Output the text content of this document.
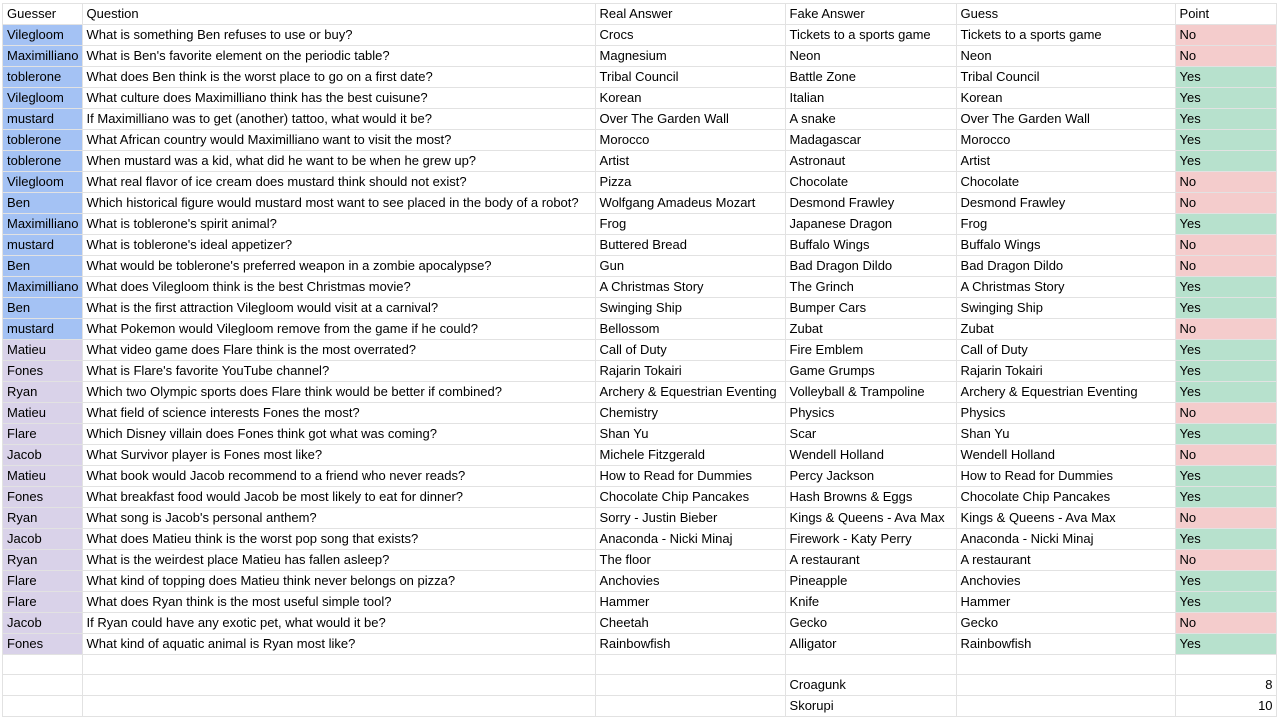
Guesser	Question	Real Answer	Fake Answer	Guess	Point
Vilegloom	What is something Ben refuses to use or buy?	Crocs	Tickets to a sports game	Tickets to a sports game	No
Maximilliano	What is Ben's favorite element on the periodic table?	Magnesium	Neon	Neon	No
toblerone	What does Ben think is the worst place to go on a first date?	Tribal Council	Battle Zone	Tribal Council	Yes
Vilegloom	What culture does Maximilliano think has the best cuisune?	Korean	Italian	Korean	Yes
mustard	If Maximilliano was to get (another) tattoo, what would it be?	Over The Garden Wall	A snake	Over The Garden Wall	Yes
toblerone	What African country would Maximilliano want to visit the most?	Morocco	Madagascar	Morocco	Yes
toblerone	When mustard was a kid, what did he want to be when he grew up?	Artist	Astronaut	Artist	Yes
Vilegloom	What real flavor of ice cream does mustard think should not exist?	Pizza	Chocolate	Chocolate	No
Ben	Which historical figure would mustard most want to see placed in the body of a robot?	Wolfgang Amadeus Mozart	Desmond Frawley	Desmond Frawley	No
Maximilliano	What is toblerone's spirit animal?	Frog	Japanese Dragon	Frog	Yes
mustard	What is toblerone's ideal appetizer?	Buttered Bread	Buffalo Wings	Buffalo Wings	No
Ben	What would be toblerone's preferred weapon in a zombie apocalypse?	Gun	Bad Dragon Dildo	Bad Dragon Dildo	No
Maximilliano	What does Vilegloom think is the best Christmas movie?	A Christmas Story	The Grinch	A Christmas Story	Yes
Ben	What is the first attraction Vilegloom would visit at a carnival?	Swinging Ship	Bumper Cars	Swinging Ship	Yes
mustard	What Pokemon would Vilegloom remove from the game if he could?	Bellossom	Zubat	Zubat	No
Matieu	What video game does Flare think is the most overrated?	Call of Duty	Fire Emblem	Call of Duty	Yes
Fones	What is Flare's favorite YouTube channel?	Rajarin Tokairi	Game Grumps	Rajarin Tokairi	Yes
Ryan	Which two Olympic sports does Flare think would be better if combined?	Archery & Equestrian Eventing	Volleyball & Trampoline	Archery & Equestrian Eventing	Yes
Matieu	What field of science interests Fones the most?	Chemistry	Physics	Physics	No
Flare	Which Disney villain does Fones think got what was coming?	Shan Yu	Scar	Shan Yu	Yes
Jacob	What Survivor player is Fones most like?	Michele Fitzgerald	Wendell Holland	Wendell Holland	No
Matieu	What book would Jacob recommend to a friend who never reads?	How to Read for Dummies	Percy Jackson	How to Read for Dummies	Yes
Fones	What breakfast food would Jacob be most likely to eat for dinner?	Chocolate Chip Pancakes	Hash Browns & Eggs	Chocolate Chip Pancakes	Yes
Ryan	What song is Jacob's personal anthem?	Sorry - Justin Bieber	Kings & Queens - Ava Max	Kings & Queens - Ava Max	No
Jacob	What does Matieu think is the worst pop song that exists?	Anaconda - Nicki Minaj	Firework - Katy Perry	Anaconda - Nicki Minaj	Yes
Ryan	What is the weirdest place Matieu has fallen asleep?	The floor	A restaurant	A restaurant	No
Flare	What kind of topping does Matieu think never belongs on pizza?	Anchovies	Pineapple	Anchovies	Yes
Flare	What does Ryan think is the most useful simple tool?	Hammer	Knife	Hammer	Yes
Jacob	If Ryan could have any exotic pet, what would it be?	Cheetah	Gecko	Gecko	No
Fones	What kind of aquatic animal is Ryan most like?	Rainbowfish	Alligator	Rainbowfish	Yes

			Croagunk		8
			Skorupi		10
